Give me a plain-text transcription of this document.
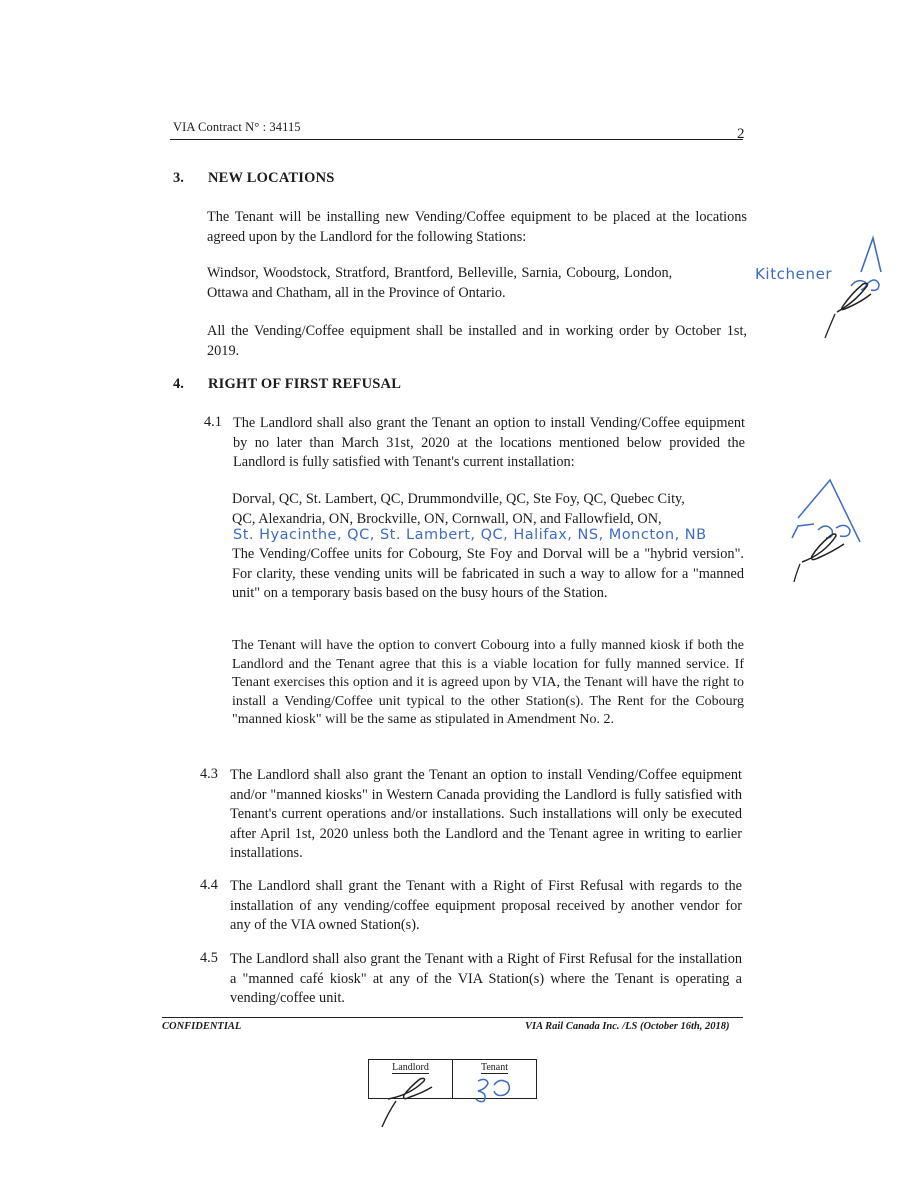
VIA Contract N° : 34115	2
3. NEW LOCATIONS

The Tenant will be installing new Vending/Coffee equipment to be placed at the locations agreed upon by the Landlord for the following Stations:

Windsor, Woodstock, Stratford, Brantford, Belleville, Sarnia, Cobourg, London,
Ottawa and Chatham, all in the Province of Ontario.
Kitchener

All the Vending/Coffee equipment shall be installed and in working order by October 1st, 2019.

4. RIGHT OF FIRST REFUSAL
4.1 The Landlord shall also grant the Tenant an option to install Vending/Coffee equipment by no later than March 31st, 2020 at the locations mentioned below provided the Landlord is fully satisfied with Tenant's current installation:

Dorval, QC, St. Lambert, QC, Drummondville, QC, Ste Foy, QC, Quebec City,
QC, Alexandria, ON, Brockville, ON, Cornwall, ON, and Fallowfield, ON,
St. Hyacinthe, QC, St. Lambert, QC, Halifax, NS, Moncton, NB

The Vending/Coffee units for Cobourg, Ste Foy and Dorval will be a "hybrid version". For clarity, these vending units will be fabricated in such a way to allow for a "manned unit" on a temporary basis based on the busy hours of the Station.

The Tenant will have the option to convert Cobourg into a fully manned kiosk if both the Landlord and the Tenant agree that this is a viable location for fully manned service. If Tenant exercises this option and it is agreed upon by VIA, the Tenant will have the right to install a Vending/Coffee unit typical to the other Station(s). The Rent for the Cobourg "manned kiosk" will be the same as stipulated in Amendment No. 2.

4.3 The Landlord shall also grant the Tenant an option to install Vending/Coffee equipment and/or "manned kiosks" in Western Canada providing the Landlord is fully satisfied with Tenant's current operations and/or installations. Such installations will only be executed after April 1st, 2020 unless both the Landlord and the Tenant agree in writing to earlier installations.

4.4 The Landlord shall grant the Tenant with a Right of First Refusal with regards to the installation of any vending/coffee equipment proposal received by another vendor for any of the VIA owned Station(s).

4.5 The Landlord shall also grant the Tenant with a Right of First Refusal for the installation a "manned café kiosk" at any of the VIA Station(s) where the Tenant is operating a vending/coffee unit.

CONFIDENTIAL	VIA Rail Canada Inc. /LS (October 16th, 2018)
Landlord	Tenant
